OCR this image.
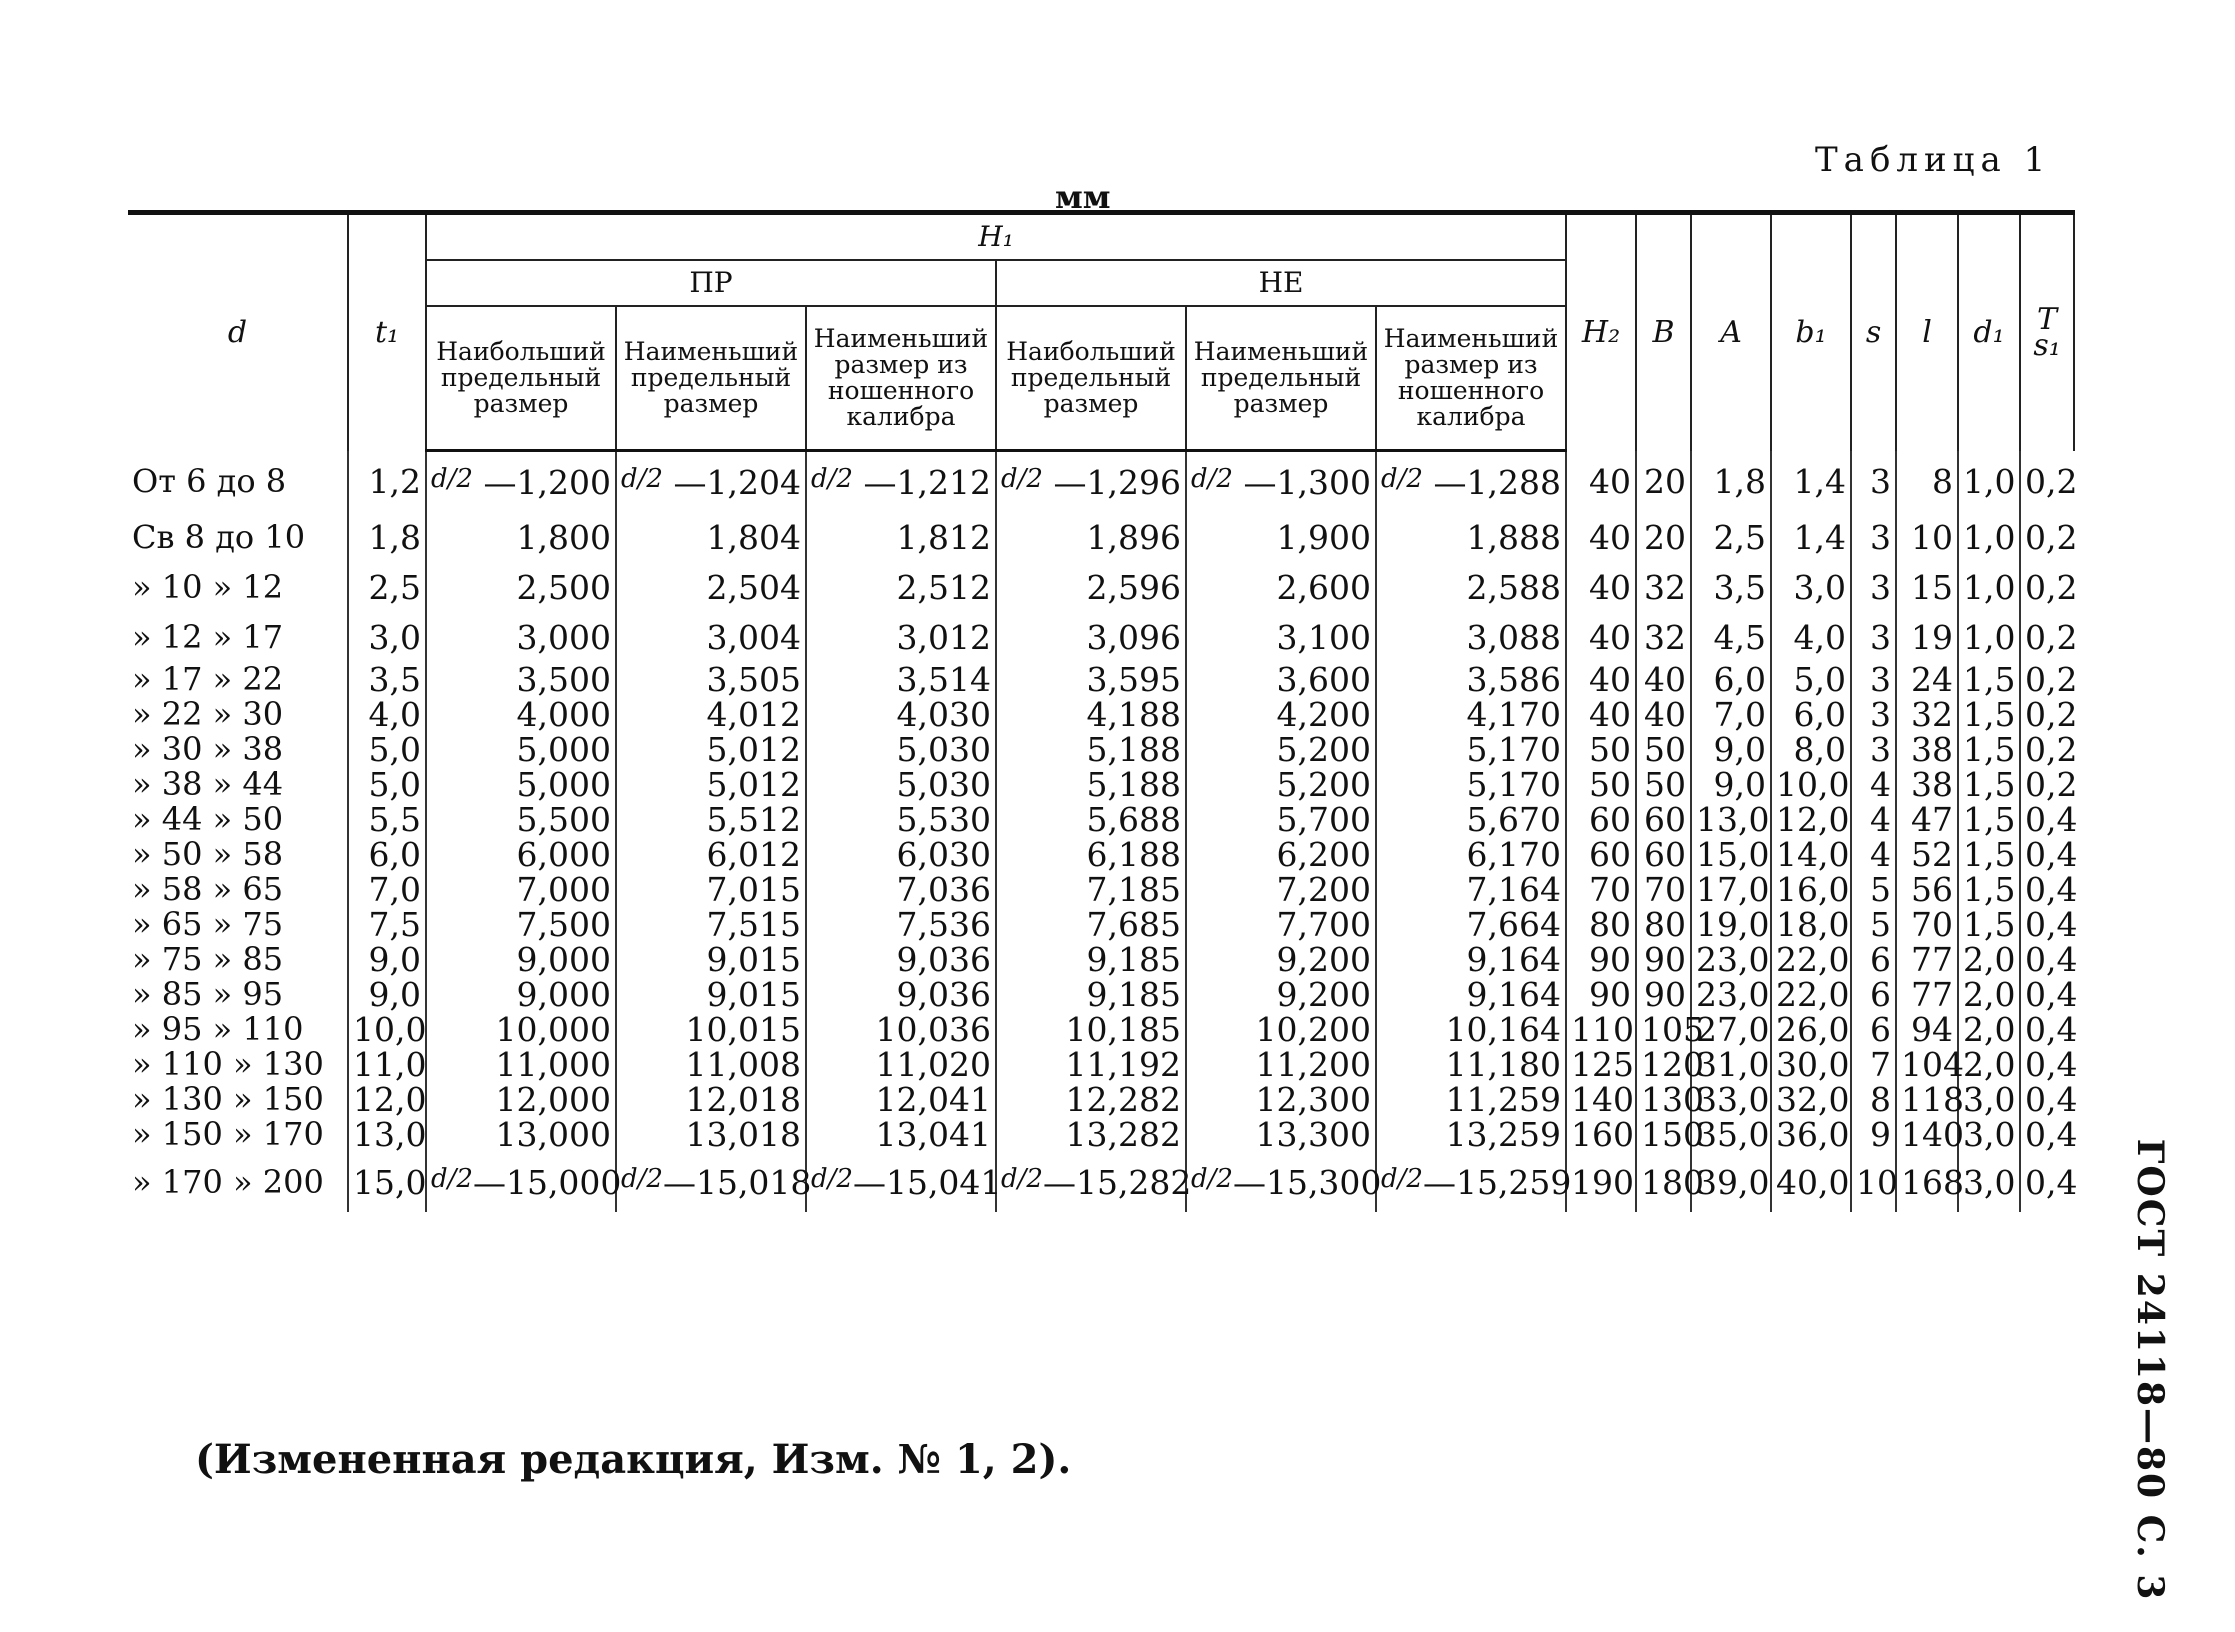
Таблица 1
мм
d	t₁	H₁						H₂	B	A	b₁	s	l	d₁	T s₁
		ПР			НЕ										
		Наибольший предельный размер	Наименьший предельный размер	Наименьший размер из ношенного калибра	Наибольший предельный размер	Наименьший предельный размер	Наименьший размер из ношенного калибра								
От 6 до 8	1,2	d/2 —1,200	d/2 —1,204	d/2 —1,212	d/2 —1,296	d/2 —1,300	d/2 —1,288	40	20	1,8	1,4	3	8	1,0	0,2
Св 8 до 10	1,8	1,800	1,804	1,812	1,896	1,900	1,888	40	20	2,5	1,4	3	10	1,0	0,2
» 10 » 12	2,5	2,500	2,504	2,512	2,596	2,600	2,588	40	32	3,5	3,0	3	15	1,0	0,2
» 12 » 17	3,0	3,000	3,004	3,012	3,096	3,100	3,088	40	32	4,5	4,0	3	19	1,0	0,2
» 17 » 22	3,5	3,500	3,505	3,514	3,595	3,600	3,586	40	40	6,0	5,0	3	24	1,5	0,2
» 22 » 30	4,0	4,000	4,012	4,030	4,188	4,200	4,170	40	40	7,0	6,0	3	32	1,5	0,2
» 30 » 38	5,0	5,000	5,012	5,030	5,188	5,200	5,170	50	50	9,0	8,0	3	38	1,5	0,2
» 38 » 44	5,0	5,000	5,012	5,030	5,188	5,200	5,170	50	50	9,0	10,0	4	38	1,5	0,2
» 44 » 50	5,5	5,500	5,512	5,530	5,688	5,700	5,670	60	60	13,0	12,0	4	47	1,5	0,4
» 50 » 58	6,0	6,000	6,012	6,030	6,188	6,200	6,170	60	60	15,0	14,0	4	52	1,5	0,4
» 58 » 65	7,0	7,000	7,015	7,036	7,185	7,200	7,164	70	70	17,0	16,0	5	56	1,5	0,4
» 65 » 75	7,5	7,500	7,515	7,536	7,685	7,700	7,664	80	80	19,0	18,0	5	70	1,5	0,4
» 75 » 85	9,0	9,000	9,015	9,036	9,185	9,200	9,164	90	90	23,0	22,0	6	77	2,0	0,4
» 85 » 95	9,0	9,000	9,015	9,036	9,185	9,200	9,164	90	90	23,0	22,0	6	77	2,0	0,4
» 95 » 110	10,0	10,000	10,015	10,036	10,185	10,200	10,164	110	105	27,0	26,0	6	94	2,0	0,4
» 110 » 130	11,0	11,000	11,008	11,020	11,192	11,200	11,180	125	120	31,0	30,0	7	104	2,0	0,4
» 130 » 150	12,0	12,000	12,018	12,041	12,282	12,300	11,259	140	130	33,0	32,0	8	118	3,0	0,4
» 150 » 170	13,0	13,000	13,018	13,041	13,282	13,300	13,259	160	150	35,0	36,0	9	140	3,0	0,4
» 170 » 200	15,0	d/2 —15,000	d/2 —15,018	d/2 —15,041	d/2 —15,282	d/2 —15,300	d/2 —15,259	190	180	39,0	40,0	10	168	3,0	0,4
(Измененная редакция, Изм. № 1, 2).	ГОСТ 24118—80 С. 3
